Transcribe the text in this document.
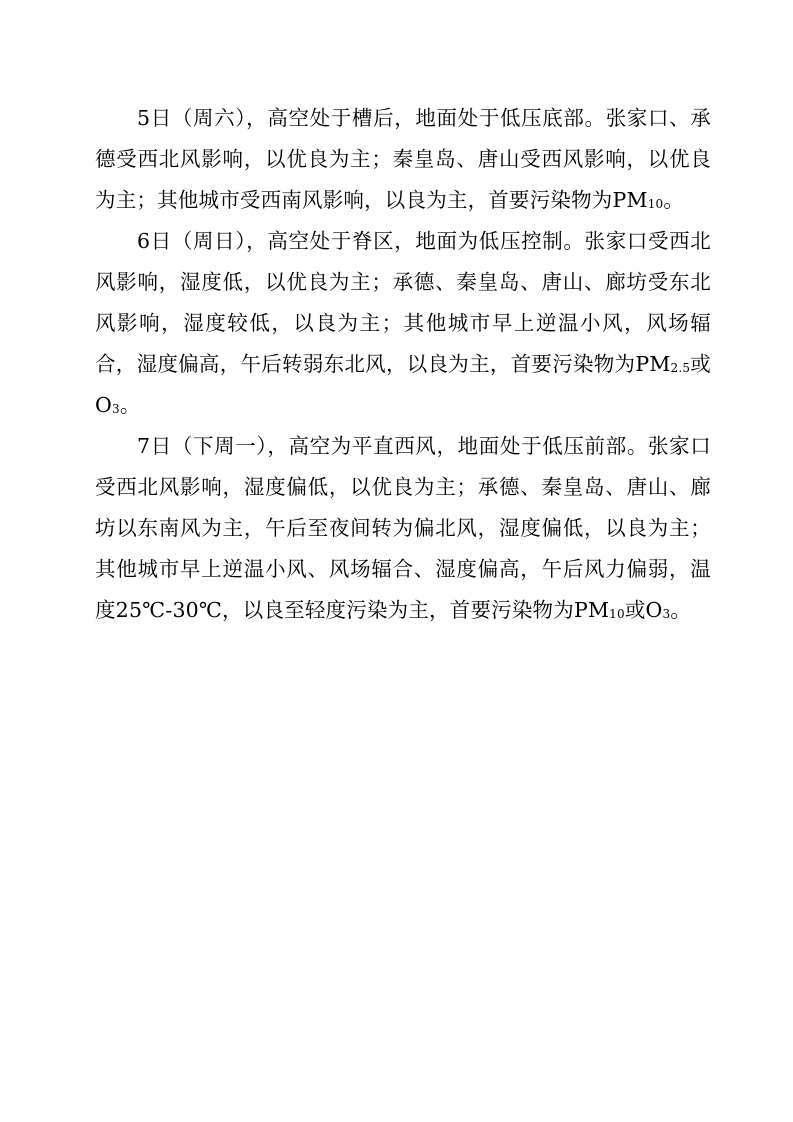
5日（周六），高空处于槽后，地面处于低压底部。张家口、承德受西北风影响，以优良为主；秦皇岛、唐山受西风影响，以优良为主；其他城市受西南风影响，以良为主，首要污染物为PM10。

6日（周日），高空处于脊区，地面为低压控制。张家口受西北风影响，湿度低，以优良为主；承德、秦皇岛、唐山、廊坊受东北风影响，湿度较低，以良为主；其他城市早上逆温小风，风场辐合，湿度偏高，午后转弱东北风，以良为主，首要污染物为PM2.5或O3。

7日（下周一），高空为平直西风，地面处于低压前部。张家口受西北风影响，湿度偏低，以优良为主；承德、秦皇岛、唐山、廊坊以东南风为主，午后至夜间转为偏北风，湿度偏低，以良为主；其他城市早上逆温小风、风场辐合、湿度偏高，午后风力偏弱，温度25℃-30℃，以良至轻度污染为主，首要污染物为PM10或O3。
